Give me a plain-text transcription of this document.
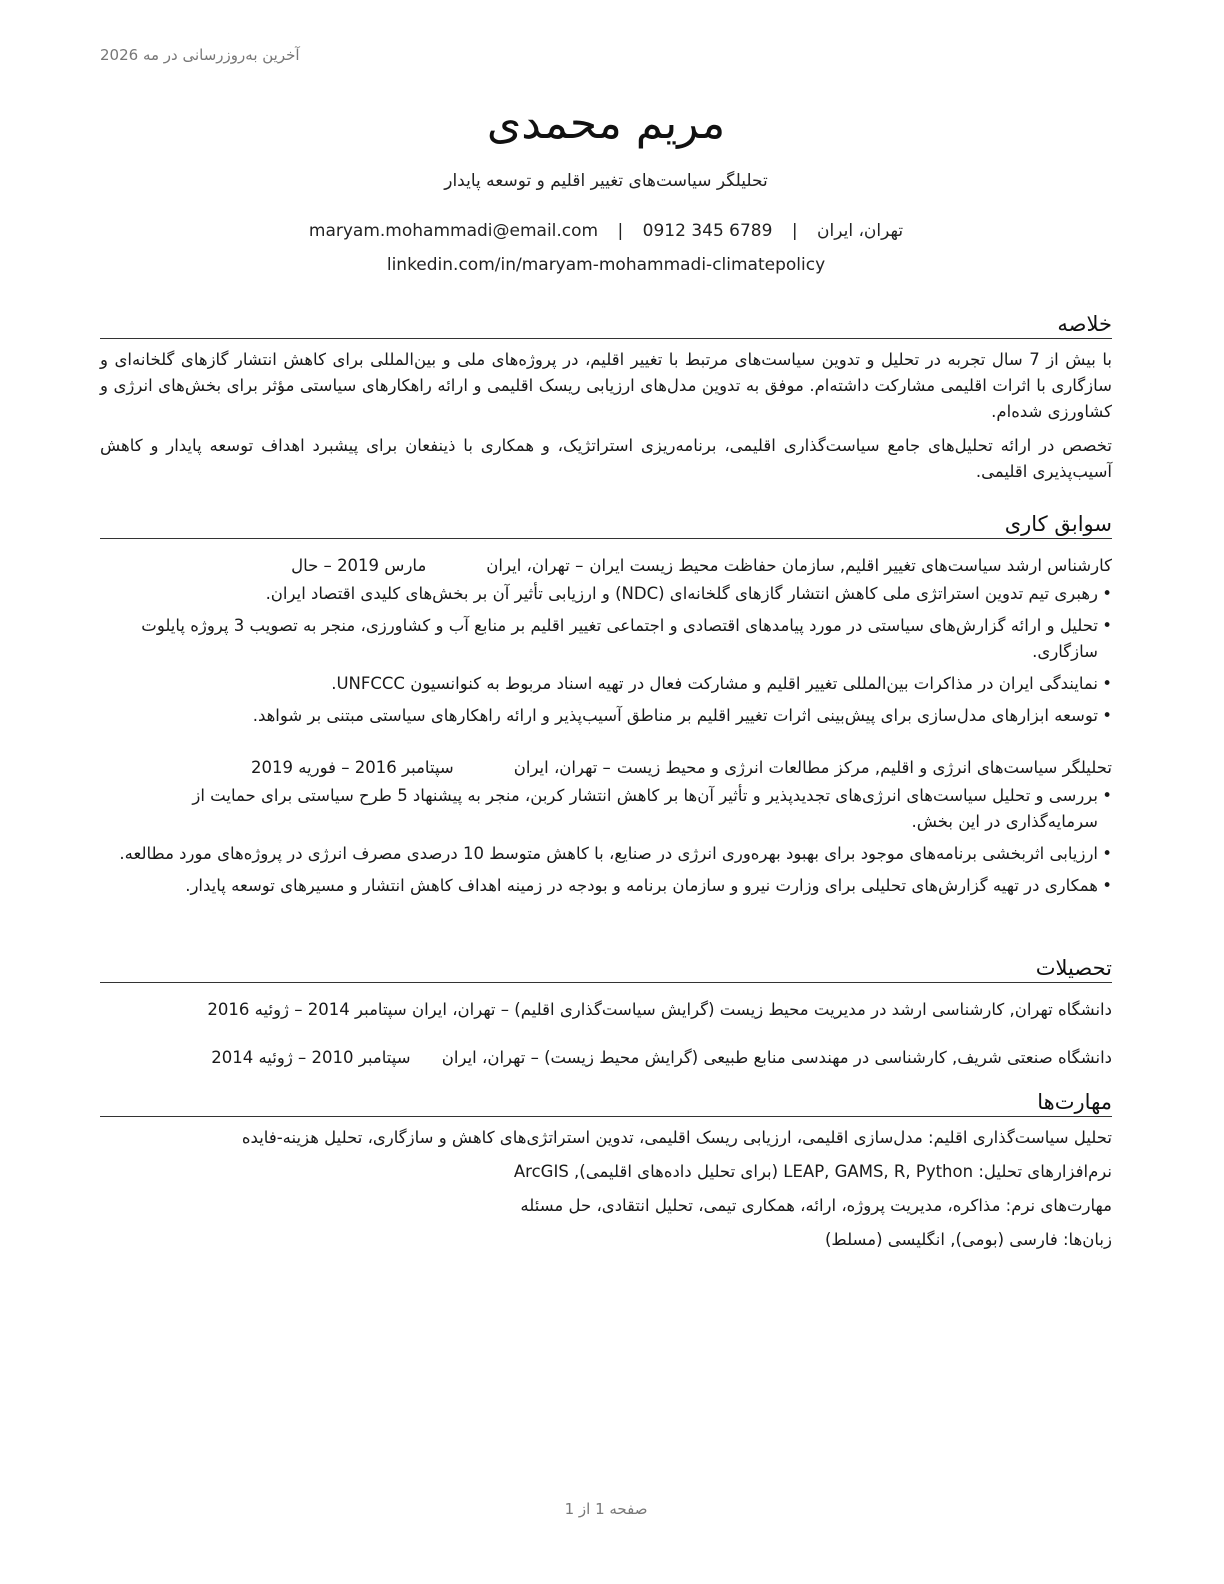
آخرین به‌روزرسانی در مه 2026
مریم محمدی
تحلیلگر سیاست‌های تغییر اقلیم و توسعه پایدار
تهران، ایران | maryam.mohammadi@email.com | 0912 345 6789
linkedin.com/in/maryam-mohammadi-climatepolicy
خلاصه

با بیش از 7 سال تجربه در تحلیل و تدوین سیاست‌های مرتبط با تغییر اقلیم، در پروژه‌های ملی و بین‌المللی برای کاهش انتشار گازهای گلخانه‌ای و سازگاری با اثرات اقلیمی مشارکت داشته‌ام. موفق به تدوین مدل‌های ارزیابی ریسک اقلیمی و ارائه راهکارهای سیاستی مؤثر برای بخش‌های انرژی و کشاورزی شده‌ام.

تخصص در ارائه تحلیل‌های جامع سیاست‌گذاری اقلیمی، برنامه‌ریزی استراتژیک، و همکاری با ذینفعان برای پیشبرد اهداف توسعه پایدار و کاهش آسیب‌پذیری اقلیمی.

سوابق کاری
کارشناس ارشد سیاست‌های تغییر اقلیم, سازمان حفاظت محیط زیست ایران
– تهران، ایران
مارس 2019 – حال
• رهبری تیم تدوین استراتژی ملی کاهش انتشار گازهای گلخانه‌ای (NDC) و ارزیابی تأثیر آن بر بخش‌های کلیدی اقتصاد ایران.
• تحلیل و ارائه گزارش‌های سیاستی در مورد پیامدهای اقتصادی و اجتماعی تغییر اقلیم بر منابع آب و کشاورزی، منجر به تصویب 3 پروژه پایلوت سازگاری.
• نمایندگی ایران در مذاکرات بین‌المللی تغییر اقلیم و مشارکت فعال در تهیه اسناد مربوط به کنوانسیون UNFCCC.
• توسعه ابزارهای مدل‌سازی برای پیش‌بینی اثرات تغییر اقلیم بر مناطق آسیب‌پذیر و ارائه راهکارهای سیاستی مبتنی بر شواهد.
تحلیلگر سیاست‌های انرژی و اقلیم, مرکز مطالعات انرژی و محیط زیست
– تهران، ایران
سپتامبر 2016 – فوریه 2019
• بررسی و تحلیل سیاست‌های انرژی‌های تجدیدپذیر و تأثیر آن‌ها بر کاهش انتشار کربن، منجر به پیشنهاد 5 طرح سیاستی برای حمایت از سرمایه‌گذاری در این بخش.
• ارزیابی اثربخشی برنامه‌های موجود برای بهبود بهره‌وری انرژی در صنایع، با کاهش متوسط 10 درصدی مصرف انرژی در پروژه‌های مورد مطالعه.
• همکاری در تهیه گزارش‌های تحلیلی برای وزارت نیرو و سازمان برنامه و بودجه در زمینه اهداف کاهش انتشار و مسیرهای توسعه پایدار.
تحصیلات
دانشگاه تهران, کارشناسی ارشد در مدیریت محیط زیست (گرایش سیاست‌گذاری اقلیم) – تهران، ایران سپتامبر 2014 – ژوئیه 2016
دانشگاه صنعتی شریف, کارشناسی در مهندسی منابع طبیعی (گرایش محیط زیست) – تهران، ایران سپتامبر 2010 – ژوئیه 2014
مهارت‌ها
تحلیل سیاست‌گذاری اقلیم: مدل‌سازی اقلیمی، ارزیابی ریسک اقلیمی، تدوین استراتژی‌های کاهش و سازگاری، تحلیل هزینه-فایده
نرم‌افزارهای تحلیل: LEAP, GAMS, R, Python (برای تحلیل داده‌های اقلیمی), ArcGIS
مهارت‌های نرم: مذاکره، مدیریت پروژه، ارائه، همکاری تیمی، تحلیل انتقادی، حل مسئله
زبان‌ها: فارسی (بومی), انگلیسی (مسلط)
صفحه 1 از 1
